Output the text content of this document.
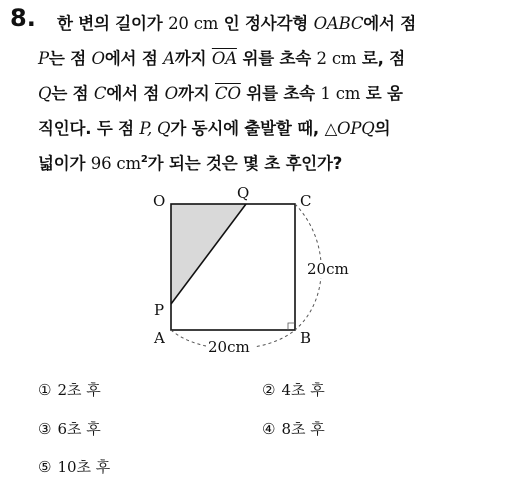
8. 한 변의 길이가 20 cm 인 정사각형 OABC에서 점
P는 점 O에서 점 A까지 $\overline{OA}$ 위를 초속 2 cm 로, 점
Q는 점 C에서 점 O까지 $\overline{CO}$ 위를 초속 1 cm 로 움
직인다. 두 점 P, Q가 동시에 출발할 때, △OPQ의
넓이가 96 $cm^2$가 되는 것은 몇 초 후인가?
O	Q	C
P
A	B
20cm
20cm
① 2초 후	② 4초 후
③ 6초 후	④ 8초 후
⑤ 10초 후
